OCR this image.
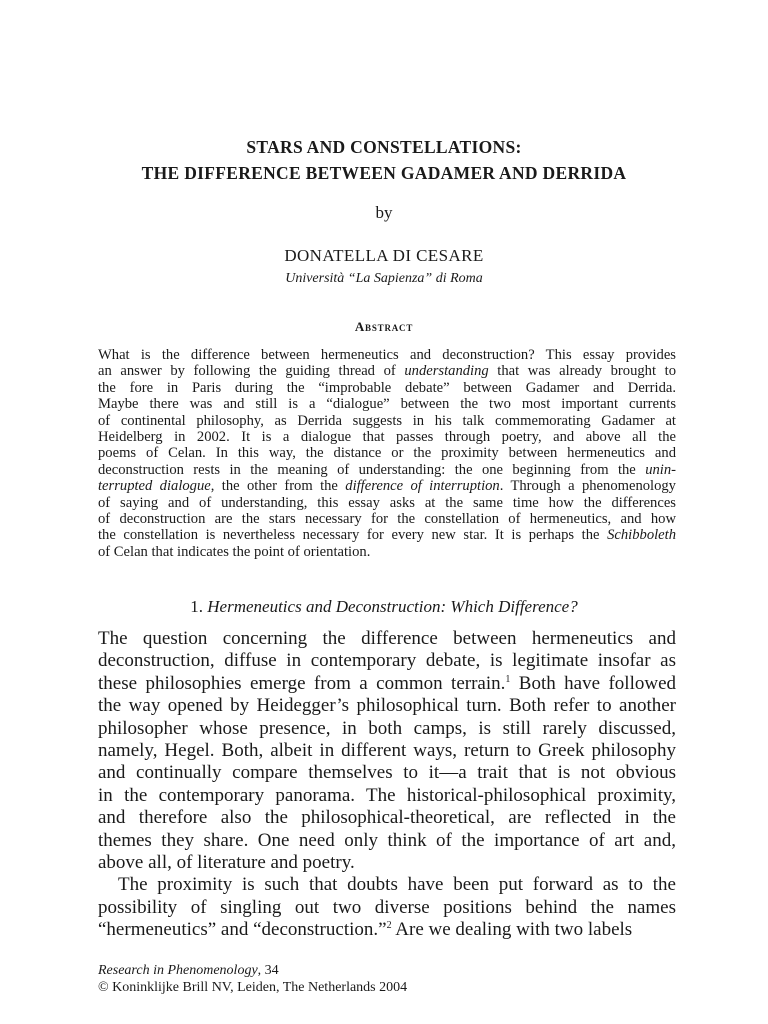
STARS AND CONSTELLATIONS:
THE DIFFERENCE BETWEEN GADAMER AND DERRIDA
by
DONATELLA DI CESARE
Università “La Sapienza” di Roma
Abstract
What is the difference between hermeneutics and deconstruction? This essay provides
an answer by following the guiding thread of understanding that was already brought to
the fore in Paris during the “improbable debate” between Gadamer and Derrida.
Maybe there was and still is a “dialogue” between the two most important currents
of continental philosophy, as Derrida suggests in his talk commemorating Gadamer at
Heidelberg in 2002. It is a dialogue that passes through poetry, and above all the
poems of Celan. In this way, the distance or the proximity between hermeneutics and
deconstruction rests in the meaning of understanding: the one beginning from the unin-
terrupted dialogue, the other from the difference of interruption. Through a phenomenology
of saying and of understanding, this essay asks at the same time how the differences
of deconstruction are the stars necessary for the constellation of hermeneutics, and how
the constellation is nevertheless necessary for every new star. It is perhaps the Schibboleth
of Celan that indicates the point of orientation.
1. Hermeneutics and Deconstruction: Which Difference?
The question concerning the difference between hermeneutics and
deconstruction, diffuse in contemporary debate, is legitimate insofar as
these philosophies emerge from a common terrain.$^1$ Both have followed
the way opened by Heidegger’s philosophical turn. Both refer to another
philosopher whose presence, in both camps, is still rarely discussed,
namely, Hegel. Both, albeit in different ways, return to Greek philosophy
and continually compare themselves to it—a trait that is not obvious
in the contemporary panorama. The historical-philosophical proximity,
and therefore also the philosophical-theoretical, are reflected in the
themes they share. One need only think of the importance of art and,
above all, of literature and poetry.
The proximity is such that doubts have been put forward as to the
possibility of singling out two diverse positions behind the names
“hermeneutics” and “deconstruction.”$^2$ Are we dealing with two labels
Research in Phenomenology, 34
© Koninklijke Brill NV, Leiden, The Netherlands 2004
